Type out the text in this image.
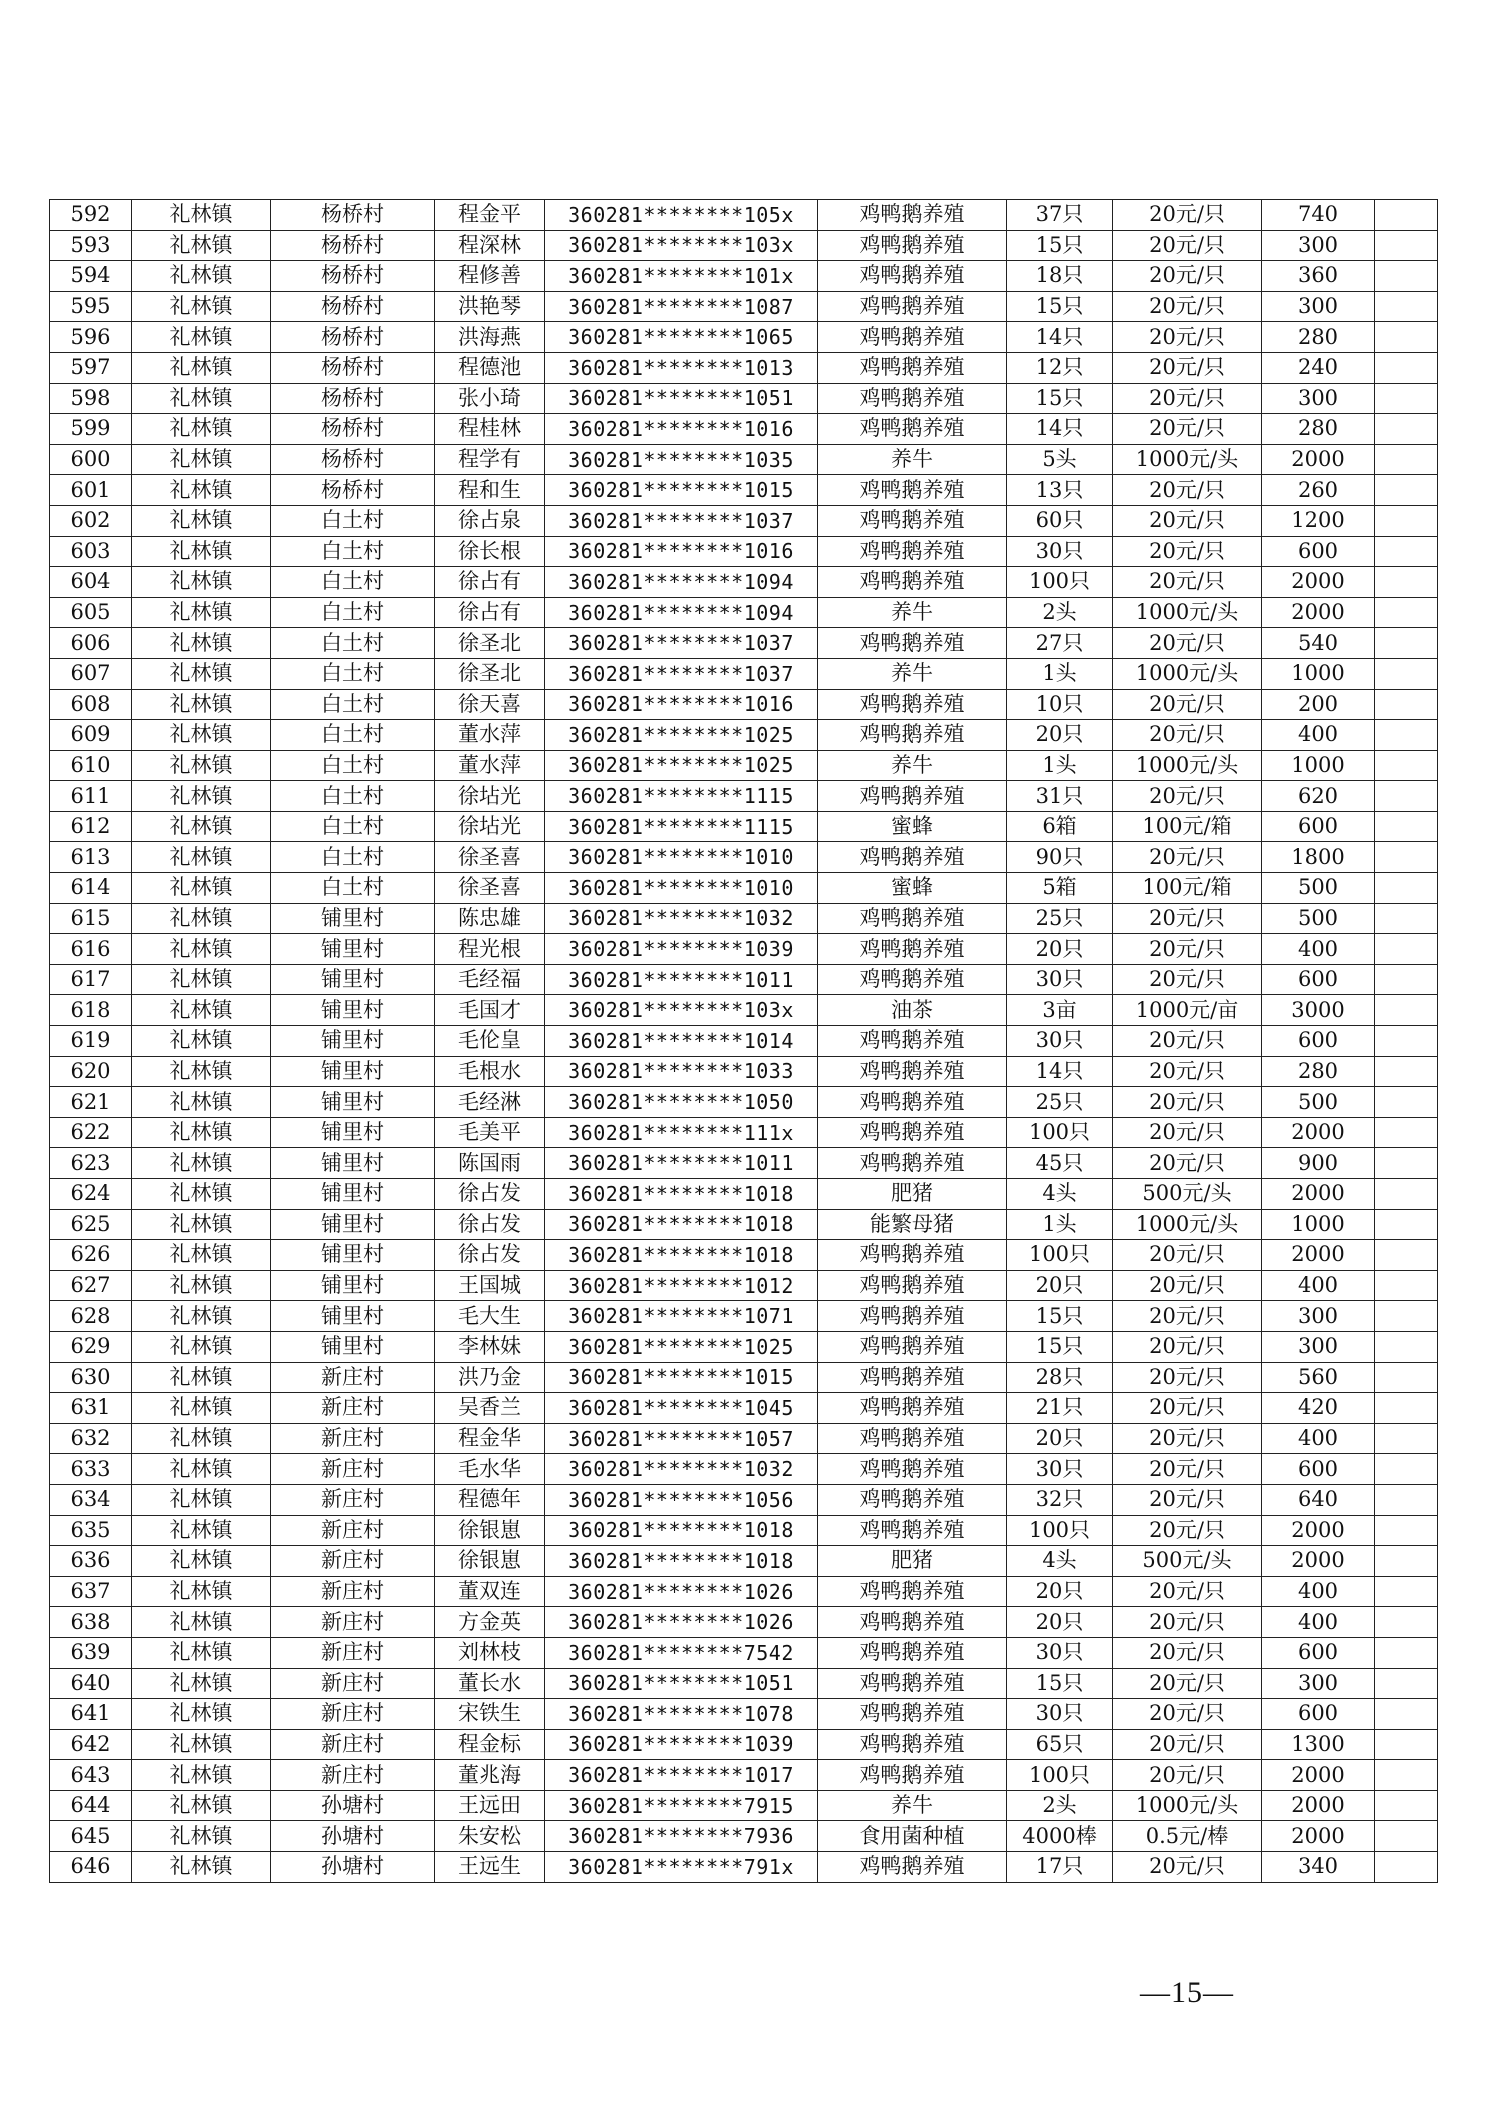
592	礼林镇	杨桥村	程金平	360281********105x	鸡鸭鹅养殖	37只	20元/只	740	
593	礼林镇	杨桥村	程深林	360281********103x	鸡鸭鹅养殖	15只	20元/只	300	
594	礼林镇	杨桥村	程修善	360281********101x	鸡鸭鹅养殖	18只	20元/只	360	
595	礼林镇	杨桥村	洪艳琴	360281********1087	鸡鸭鹅养殖	15只	20元/只	300	
596	礼林镇	杨桥村	洪海燕	360281********1065	鸡鸭鹅养殖	14只	20元/只	280	
597	礼林镇	杨桥村	程德池	360281********1013	鸡鸭鹅养殖	12只	20元/只	240	
598	礼林镇	杨桥村	张小琦	360281********1051	鸡鸭鹅养殖	15只	20元/只	300	
599	礼林镇	杨桥村	程桂林	360281********1016	鸡鸭鹅养殖	14只	20元/只	280	
600	礼林镇	杨桥村	程学有	360281********1035	养牛	5头	1000元/头	2000	
601	礼林镇	杨桥村	程和生	360281********1015	鸡鸭鹅养殖	13只	20元/只	260	
602	礼林镇	白土村	徐占泉	360281********1037	鸡鸭鹅养殖	60只	20元/只	1200	
603	礼林镇	白土村	徐长根	360281********1016	鸡鸭鹅养殖	30只	20元/只	600	
604	礼林镇	白土村	徐占有	360281********1094	鸡鸭鹅养殖	100只	20元/只	2000	
605	礼林镇	白土村	徐占有	360281********1094	养牛	2头	1000元/头	2000	
606	礼林镇	白土村	徐圣北	360281********1037	鸡鸭鹅养殖	27只	20元/只	540	
607	礼林镇	白土村	徐圣北	360281********1037	养牛	1头	1000元/头	1000	
608	礼林镇	白土村	徐天喜	360281********1016	鸡鸭鹅养殖	10只	20元/只	200	
609	礼林镇	白土村	董水萍	360281********1025	鸡鸭鹅养殖	20只	20元/只	400	
610	礼林镇	白土村	董水萍	360281********1025	养牛	1头	1000元/头	1000	
611	礼林镇	白土村	徐坫光	360281********1115	鸡鸭鹅养殖	31只	20元/只	620	
612	礼林镇	白土村	徐坫光	360281********1115	蜜蜂	6箱	100元/箱	600	
613	礼林镇	白土村	徐圣喜	360281********1010	鸡鸭鹅养殖	90只	20元/只	1800	
614	礼林镇	白土村	徐圣喜	360281********1010	蜜蜂	5箱	100元/箱	500	
615	礼林镇	铺里村	陈忠雄	360281********1032	鸡鸭鹅养殖	25只	20元/只	500	
616	礼林镇	铺里村	程光根	360281********1039	鸡鸭鹅养殖	20只	20元/只	400	
617	礼林镇	铺里村	毛经福	360281********1011	鸡鸭鹅养殖	30只	20元/只	600	
618	礼林镇	铺里村	毛国才	360281********103x	油茶	3亩	1000元/亩	3000	
619	礼林镇	铺里村	毛伦皇	360281********1014	鸡鸭鹅养殖	30只	20元/只	600	
620	礼林镇	铺里村	毛根水	360281********1033	鸡鸭鹅养殖	14只	20元/只	280	
621	礼林镇	铺里村	毛经淋	360281********1050	鸡鸭鹅养殖	25只	20元/只	500	
622	礼林镇	铺里村	毛美平	360281********111x	鸡鸭鹅养殖	100只	20元/只	2000	
623	礼林镇	铺里村	陈国雨	360281********1011	鸡鸭鹅养殖	45只	20元/只	900	
624	礼林镇	铺里村	徐占发	360281********1018	肥猪	4头	500元/头	2000	
625	礼林镇	铺里村	徐占发	360281********1018	能繁母猪	1头	1000元/头	1000	
626	礼林镇	铺里村	徐占发	360281********1018	鸡鸭鹅养殖	100只	20元/只	2000	
627	礼林镇	铺里村	王国城	360281********1012	鸡鸭鹅养殖	20只	20元/只	400	
628	礼林镇	铺里村	毛大生	360281********1071	鸡鸭鹅养殖	15只	20元/只	300	
629	礼林镇	铺里村	李林妹	360281********1025	鸡鸭鹅养殖	15只	20元/只	300	
630	礼林镇	新庄村	洪乃金	360281********1015	鸡鸭鹅养殖	28只	20元/只	560	
631	礼林镇	新庄村	吴香兰	360281********1045	鸡鸭鹅养殖	21只	20元/只	420	
632	礼林镇	新庄村	程金华	360281********1057	鸡鸭鹅养殖	20只	20元/只	400	
633	礼林镇	新庄村	毛水华	360281********1032	鸡鸭鹅养殖	30只	20元/只	600	
634	礼林镇	新庄村	程德年	360281********1056	鸡鸭鹅养殖	32只	20元/只	640	
635	礼林镇	新庄村	徐银崽	360281********1018	鸡鸭鹅养殖	100只	20元/只	2000	
636	礼林镇	新庄村	徐银崽	360281********1018	肥猪	4头	500元/头	2000	
637	礼林镇	新庄村	董双连	360281********1026	鸡鸭鹅养殖	20只	20元/只	400	
638	礼林镇	新庄村	方金英	360281********1026	鸡鸭鹅养殖	20只	20元/只	400	
639	礼林镇	新庄村	刘林枝	360281********7542	鸡鸭鹅养殖	30只	20元/只	600	
640	礼林镇	新庄村	董长水	360281********1051	鸡鸭鹅养殖	15只	20元/只	300	
641	礼林镇	新庄村	宋铁生	360281********1078	鸡鸭鹅养殖	30只	20元/只	600	
642	礼林镇	新庄村	程金标	360281********1039	鸡鸭鹅养殖	65只	20元/只	1300	
643	礼林镇	新庄村	董兆海	360281********1017	鸡鸭鹅养殖	100只	20元/只	2000	
644	礼林镇	孙塘村	王远田	360281********7915	养牛	2头	1000元/头	2000	
645	礼林镇	孙塘村	朱安松	360281********7936	食用菌种植	4000棒	0.5元/棒	2000	
646	礼林镇	孙塘村	王远生	360281********791x	鸡鸭鹅养殖	17只	20元/只	340	
—15—
